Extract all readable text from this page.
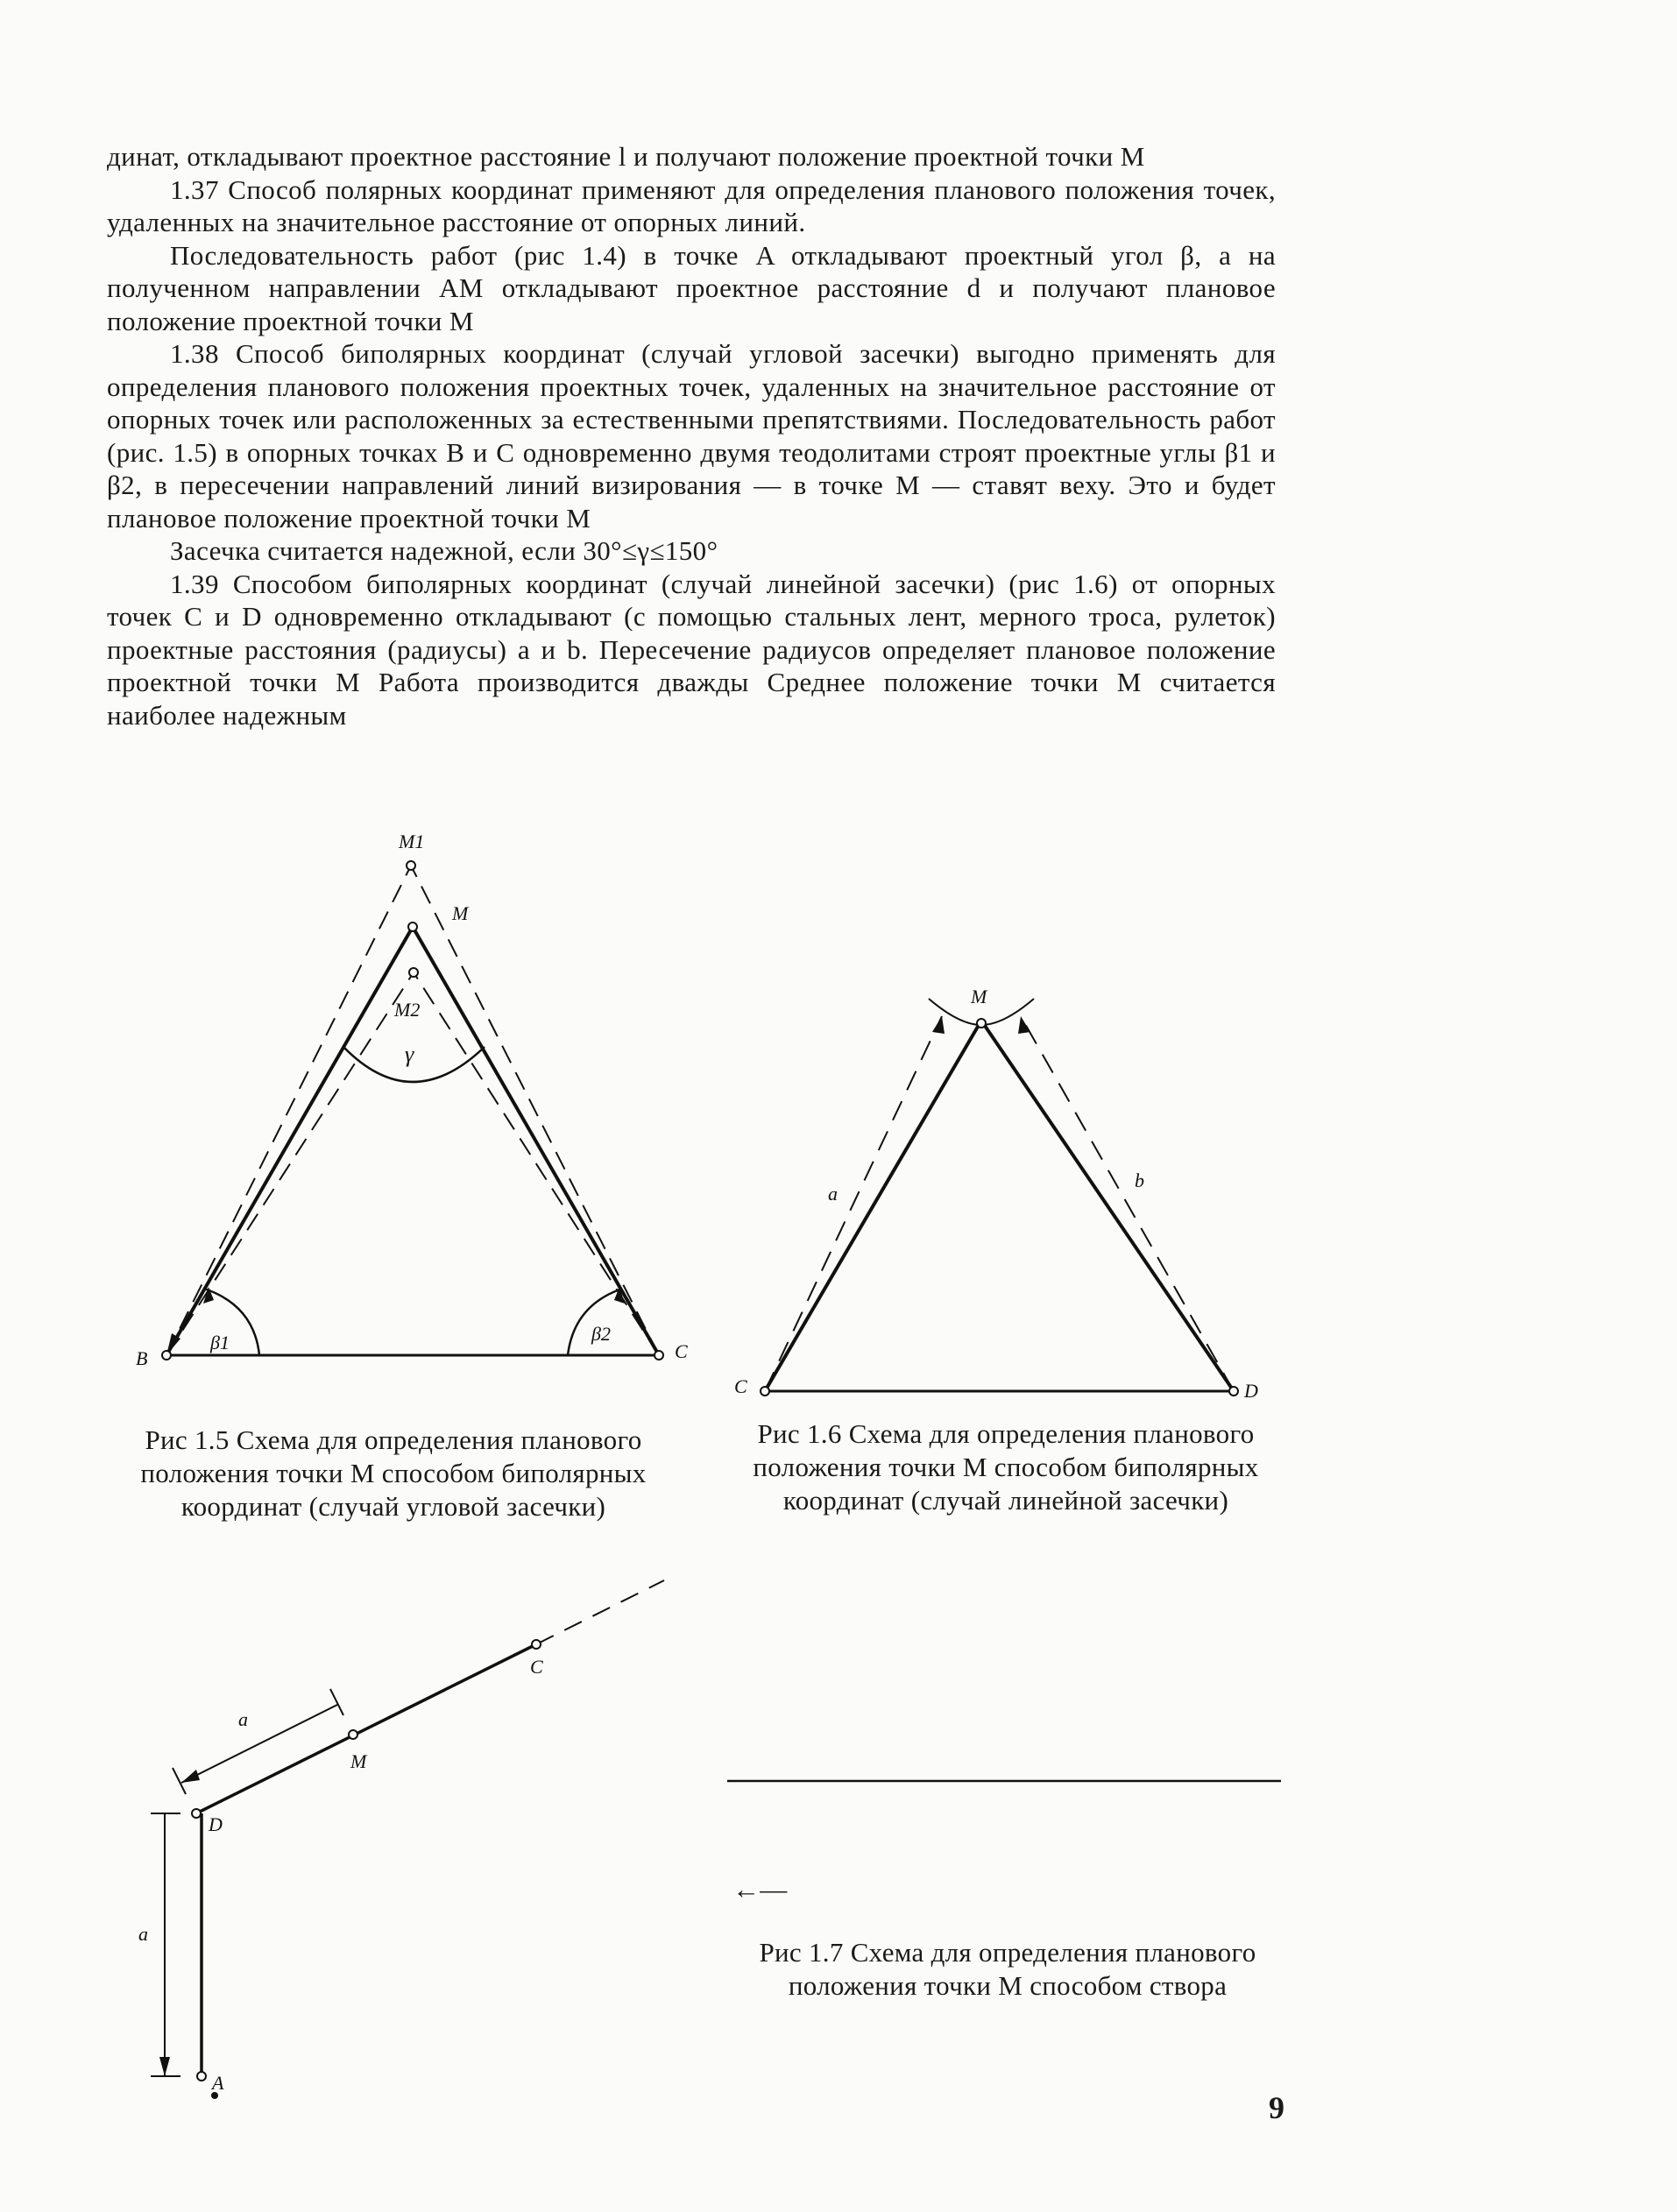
динат, откладывают проектное расстояние l и получают положение проектной точки M

1.37 Способ полярных координат применяют для определения планового положения точек, удаленных на значительное расстояние от опорных линий.

Последовательность работ (рис 1.4) в точке A откладывают проектный угол β, а на полученном направлении AM откладывают проектное расстояние d и получают плановое положение проектной точки M

1.38 Способ биполярных координат (случай угловой засечки) выгодно применять для определения планового положения проектных точек, удаленных на значительное расстояние от опорных точек или расположенных за естественными препятствиями. Последовательность работ (рис. 1.5) в опорных точках B и C одновременно двумя теодолитами строят проектные углы β1 и β2, в пересечении направлений линий визирования — в точке M — ставят веху. Это и будет плановое положение проектной точки M

Засечка считается надежной, если 30°≤γ≤150°

1.39 Способом биполярных координат (случай линейной засечки) (рис 1.6) от опорных точек C и D одновременно откладывают (с помощью стальных лент, мерного троса, рулеток) проектные расстояния (радиусы) a и b. Пересечение радиусов определяет плановое положение проектной точки M Работа производится дважды Среднее положение точки M считается наиболее надежным

M1
M
M2
γ
B	C
β1	β2
M
a
b
C	D
C
M
D
A
a
a
Рис 1.5 Схема для определения планового положения точки M способом биполярных координат (случай угловой засечки)
Рис 1.6 Схема для определения планового положения точки M способом биполярных координат (случай линейной засечки)
←—
Рис 1.7 Схема для определения планового положения точки M способом створа
9
